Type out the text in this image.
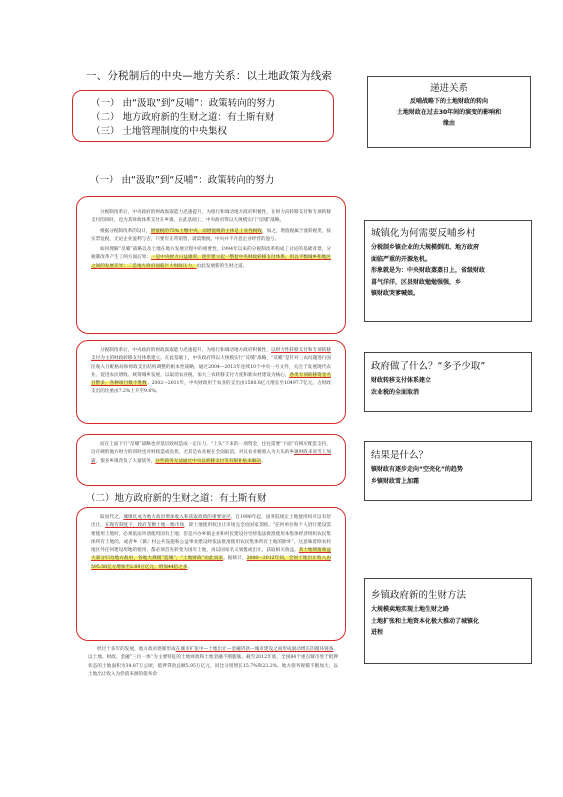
一、分税制后的中央—地方关系：以土地政策为线索
（一） 由“汲取”到“反哺”：政策转向的努力
（二） 地方政府新的生财之道：有土斯有财
（三） 土地管理制度的中央集权
递进关系
反哺战略下的土地财政的转向
土地财政在过去30年间的演变的影响和
缘由
（一） 由“汲取”到“反哺”：政策转向的努力

分税制改革后，中央政府的财政汲取能力迅速提升，为推行和调动地方政府积极性，在财力向转移支付和专项转移支付的同时，也为其财政体系支付在乡镇、在此基础上，中央政府得以大规模实行“反哺”战略。

根据分税制改革的设计，增值税的75%上缴中央，而增值税的主体是工业性税收，加之，增值税属于流转税类，按实票征税，无论企业盈利与否，只要有正常销售，就需缴税。中央并不介意企业经营的盈亏。

如何理解“反哺”战略以及土地在地方发展过程中的重要性。1994年以来的分税制改革构成了讨论的基础背景，分税制改革产生了两方面后果：一是中央财力日益雄厚，逐步建立起一整套中央财政转移支付体系，用以平衡城乡和地区之间的发展差异；二是地方政府面临巨大财政压力，由此发展新的生财之道。

城镇化为何需要反哺乡村
分税制乡镇企业的大规模倒闭、地方政府
面临严重的开源危机。
形象就是为：中央财政蒸蒸日上，省级财政
喜气洋洋，区县财政勉勉强强，乡
镇财政哭爹喊娘。

分税制改革后，中央政府的财政汲取能力迅速提升，为推行和调动地方政府积极性，以财力性转移支付和专项转移支付为主的财政转移支付体系建立。在此基础上，中央政府得以大规模实行“反哺”战略，“反哺”是针对三农问题进行国民收入分配格局和财政支出结构调整的根本性战略，通过2004—2013年连续10个中央一号文件，关注于发展现代农业、促进农民增收、统筹城乡发展，以取消农业税、加大三农转移支付力度和新农村建设为核心，各类专项转移资金名目繁多，各种项目数不胜数。2002—2011年，中央财政用于农业的支出由1580.8亿元增长至10497.7亿元，占财政支出的比重由7.2%上升至9.6%。

政府做了什么？“多予少取”
财政转移支付体系建立
农业税的全面取消

而在上面下行“反哺”战略也对基层政权造成一定压力，“上头”下来的一项资金，往往需要“下面”有相应配套支持，这在硬的地方财力的同时也对财政造成负担，尤其是农业税在全面取消，对议农业税收入为大头的乡镇财政来说雪上加霜，很多乡镇背负了大量债务，这些债务无法通过中央以转移支付等有限补贴来解决。

结果是什么？
镇财政有逐步走向“空壳化”的趋势
乡镇财政雪上加霜
（二）地方政府新的生财之道：有土斯有财

取而代之，城镇化成为地方政府增加收入和获取政绩的重要途径。自1990年起，国务院规定土地使用权可以有偿出让，在现有制度下，政府垄断土地一级市场，即土地使用权出让市场完全由国家垄断。“任何单位和个人进行建设需要使用土地时，必须依法申请使用国有土地；但是兴办乡镇企业和村民建设住宅经依法批准使用本集体经济组织农民集体所有土地的，或者乡（镇）村公共设施和公益事业建设经依法批准使用农民集体所有土地的除外”。这意味着除农村地区外任何建设用地的使用，都必须首先转变为国有土地，再以国家名义划拨或出让，获取相关收益。其土地增值收益大部分归为地方政府，各地大规模“造城”，“土地财政”由此而来。据统计，2000—2012年间，全国土地出让收入由595.58亿元增加至2.69万亿元，增加44倍之多。

经过十多年的发展，地方政府逐渐形成在城市扩张中—土地出让—金融贷款—城市建设之间形成滚动增长的循环链条，以土地、财政、金融“三位一体”为主要特征的土地财政和土地金融不断膨胀。截至2012年底，全国84个重点城市处于抵押状态的土地面积为34.87万公顷，抵押贷款总额5.95万亿元，同比分别增长15.7%和23.2%。地方债务规模不断加大，以土地出让收入为偿债来源的债务余

乡镇政府新的生财方法
大规模卖地实现土地生财之路
土地扩张和土地资本化极大推动了城镇化
进程
